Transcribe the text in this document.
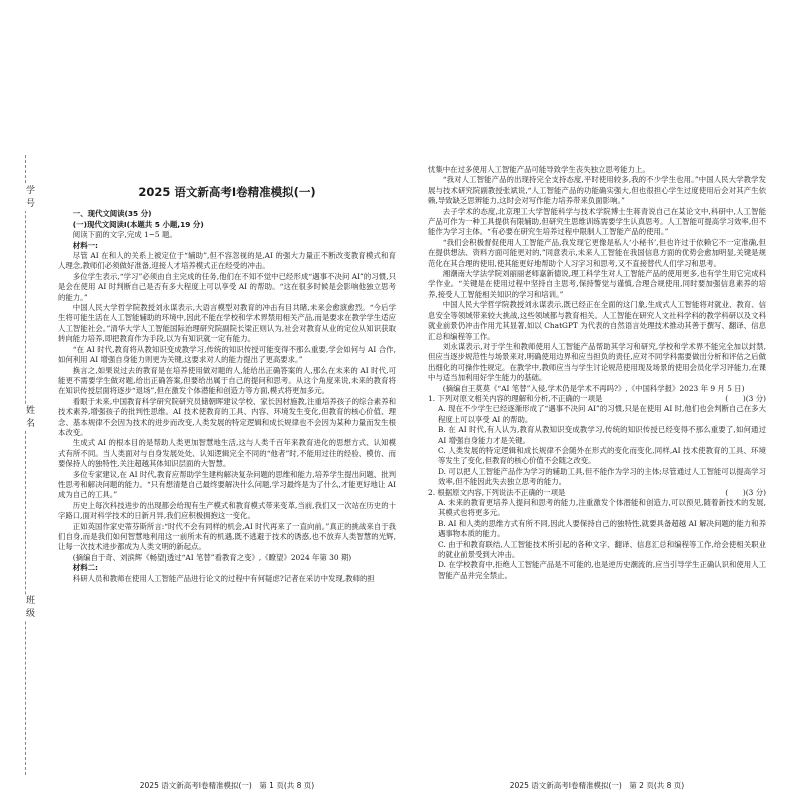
学号
姓名
班级
2025 语文新高考Ⅰ卷精准模拟(一)

一、现代文阅读(35 分)

(一)现代文阅读Ⅰ(本题共 5 小题,19 分)

阅读下面的文字,完成 1~5 题。

材料一:

尽管 AI 在和人的关系上被定位于“辅助”,但不容忽视的是,AI 的强大力量正不断改变教育模式和育人理念,教师们必须做好准备,迎接人才培养模式正在经受的冲击。

多位学生表示,“学习”必须由自主完成的任务,他们在不知不觉中已经形成“遇事不决问 AI”的习惯,只是会在使用 AI 时判断自己是否有多大程度上可以享受 AI 的帮助。“这在很多时候是会影响他独立思考的能力。”

中国人民大学哲学院教授刘永谋表示,大语言模型对教育的冲击有目共睹,未来会愈演愈烈。“今后学生将可能生活在人工智能辅助的环境中,因此不能在学校和学术界禁用相关产品,而是要求在教学学生适应人工智能社会。”清华大学人工智能国际治理研究院副院长梁正则认为,社会对教育从业的定位从知识获取转向能力培养,即把教育作为手段,以为有知识就一定有能力。

“在 AI 时代,教育将从教知识变成教学习,传统的知识传授可能变得不那么重要,学会如何与 AI 合作,如何利用 AI 增强自身能力则更为关键,这要求对人的能力提出了更高要求。”

换言之,如果说过去的教育是在培养使用做对题的人,能给出正确答案的人,那么在未来的 AI 时代,可能更不需要学生做对题,给出正确答案,但要给出属于自己的提问和思考。从这个角度来说,未来的教育将在知识传授层面将逐步“退场”,但在激发个体潜能和创造力等方面,模式将更加多元。

看眼于未来,中国教育科学研究院研究员储朝晖建议学校、家长因材施教,注重培养孩子的综合素养和技术素养,增强孩子的批判性思维。AI 技术使教育的工具、内容、环境发生变化,但教育的核心价值、理念、基本规律不会因为技术的进步而改变,人类发展的特定逻辑和成长规律也不会因为某种力量而发生根本改变。

生成式 AI 的根本目的是帮助人类更加智慧地生活,这与人类千百年来教育进化的思想方式、认知模式有所不同。当人类面对与自身发展处处、认知逻辑完全不同的“他者”时,不能用过往的经验、模仿、而要保持人的独特性,关注超越其体知识层面的大智慧。

多位专家建议,在 AI 时代,教育应帮助学生建构解决复杂问题的思维和能力,培养学生提出问题、批判性思考和解决问题的能力。“只有想清楚自己最终要解决什么问题,学习最终是为了什么,才能更好地让 AI 成为自己的工具。”

历史上每次科技进步的出现都会给现有生产模式和教育模式带来变革,当前,我们又一次站在历史的十字路口,面对科学技术的日新月异,我们应积极拥抱这一变化。

正如英国作家史蒂芬斯所言:“时代不会有同样的机会,AI 时代再来了一直向前。”真正的挑战来自于我们自身,而是我们如何智慧地利用这一前所未有的机遇,既不逃避于技术的诱惑,也不放弃人类智慧的光辉,让每一次技术进步都成为人类文明的新起点。

(摘编自于奇、刘滨辉《畅望|透过“AI 笔替”看教育之变》,《瞭望》2024 年第 30 期)

材料二:

科研人员和教师在使用人工智能产品进行论文的过程中有何疑虑?记者在采访中发现,教师的担

2025 语文新高考Ⅰ卷精准模拟(一)　第 1 页(共 8 页)

忧集中在过多使用人工智能产品可能导致学生丧失独立思考能力上。

“我对人工智能产品的出现持完全支持态度,平时使用较多,我的不少学生也用。”中国人民大学教学发展与技术研究院副教授张斌说,“人工智能产品的功能确实强大,但也很担心学生过度使用后会对其产生依赖,导致缺乏思辨能力,这时会对写作能力培养带来负面影响。”

去子学术的态度,北京理工大学智能科学与技术学院博士生蒋青说自己在某论文中,科研中,人工智能产品可作为一种工具提供有限辅助,但研究生思维训练需要学生认真思考。人工智能可提高学习效率,但不能作为学习主体。“有必要在研究生培养过程中限制人工智能产品的使用。”

“我们会积极督促使用人工智能产品,我发现它更像是私人‘小秘书’,但也许过于依赖它不一定准确,但在提供想法、资料方面可能更对的,”同意表示,未来人工智能在我国信息方面的优势会愈加明显,关键是规范化在其合理的使用,使其能更好地帮助个人习字习和思考,又不直接替代人们学习和思考。

湘潮南大学法学院刘丽丽老师嘉新德说,理工科学生对人工智能产品的使用更多,也有学生用它完成科学作业。“关键是在使用过程中坚持自主思考,保持警觉与谨慎,合理合规使用,同时要加强信息素养的培养,接受人工智能相关知识的学习和培训。”

中国人民大学哲学院教授刘永谋表示,既已经正在全面的这门象,生成式人工智能将对就业、教育、信息安全等领域带来较大挑战,这些领域都与教育相关。人工智能在研究人文社科学科的教学科研以及文科就业前景仍冲击作用尤其显著,如以 ChatGPT 为代表的自然语言处理技术推动其善于撰写、翻译、信息汇总和编程等工作。

刘永谋表示,对于学生和教师使用人工智能产品帮助其学习和研究,学校和学术界不能完全加以封禁,但应当逐步规范性与场景来对,明确使用边界和应当担负的责任,应对不同学科需要做出分析和评估之后做出细化的可操作性规定。在教学中,教师应当与学生讨论规范使用现及场景的使用会员化学习评能力,在课中与适当加利用好学生能力的基础。

(摘编自王莫莫《“AI 笔替”入侵,学术仍是学术不再吗?》,《中国科学报》2023 年 9 月 5 日)

1. 下列对原文相关内容的理解和分析,不正确的一项是	(　　)(3 分)

A. 现在不少学生已经逐渐形成了“遇事不决问 AI”的习惯,只是在使用 AI 时,他们也会判断自己在多大程度上可以享受 AI 的帮助。

B. 在 AI 时代,有人认为,教育从教知识变成教学习,传统的知识传授已经变得不那么重要了,如何通过 AI 增强自身能力才是关键。

C. 人类发展的特定逻辑和成长规律不会随外在形式的变化而变化,同样,AI 技术使教育的工具、环境等发生了变化,但教育的核心价值不会随之改变。

D. 可以把人工智能产品作为学习的辅助工具,但不能作为学习的主体;尽管通过人工智能可以提高学习效率,但不能因此失去独立思考的能力。

2. 根据原文内容,下列说法不正确的一项是	(　　)(3 分)

A. 未来的教育更培养人提问和思考的能力,注重激发个体潜能和创造力,可以预见,随着新技术的发展,其模式也将更多元。

B. AI 和人类的思维方式有所不同,因此人要保持自己的独特性,就要具备超越 AI 解决问题的能力和养遇事物本质的能力。

C. 由于和教育联结,人工智能技术所引起的各种文字、翻译、信息汇总和编程等工作,给会使相关职业的就业前景受到大冲击。

D. 在学校教育中,拒绝人工智能产品是不可能的,也是逆历史潮流的,应当引导学生正确认识和使用人工智能产品并完全禁止。

2025 语文新高考Ⅰ卷精准模拟(一)　第 2 页(共 8 页)
